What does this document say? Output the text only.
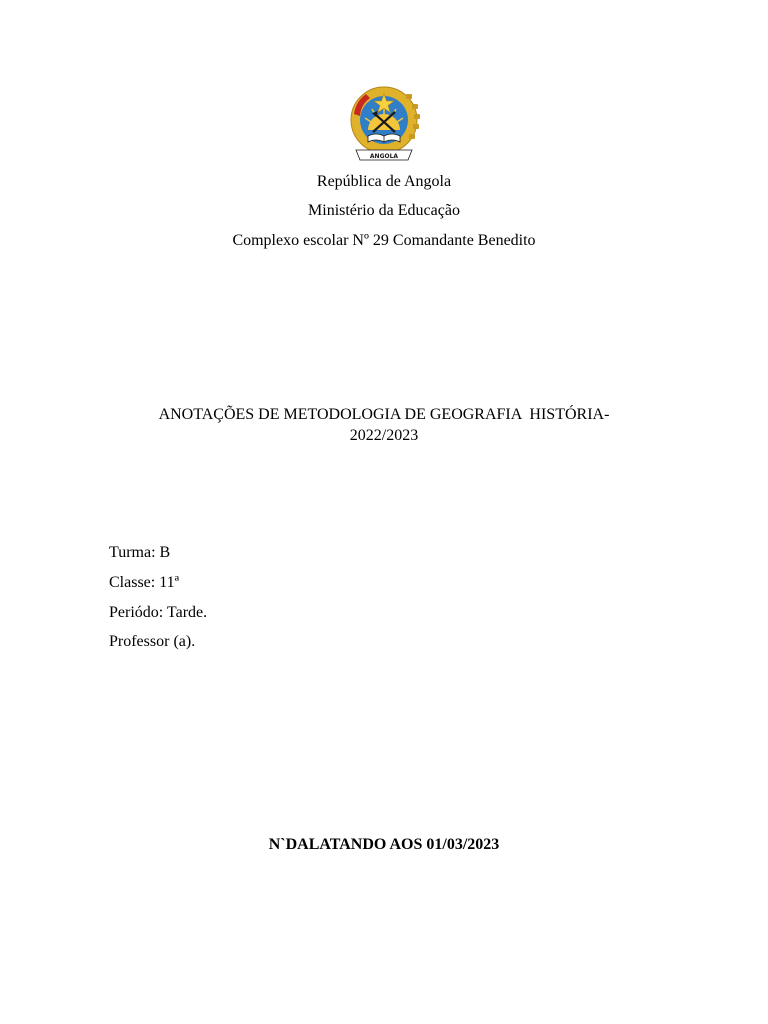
ANGOLA
República de Angola
Ministério da Educação
Complexo escolar Nº 29 Comandante Benedito
ANOTAÇÕES DE METODOLOGIA DE GEOGRAFIA  HISTÓRIA-
2022/2023
Turma: B
Classe: 11ª
Periódo: Tarde.
Professor (a).
N`DALATANDO AOS 01/03/2023
